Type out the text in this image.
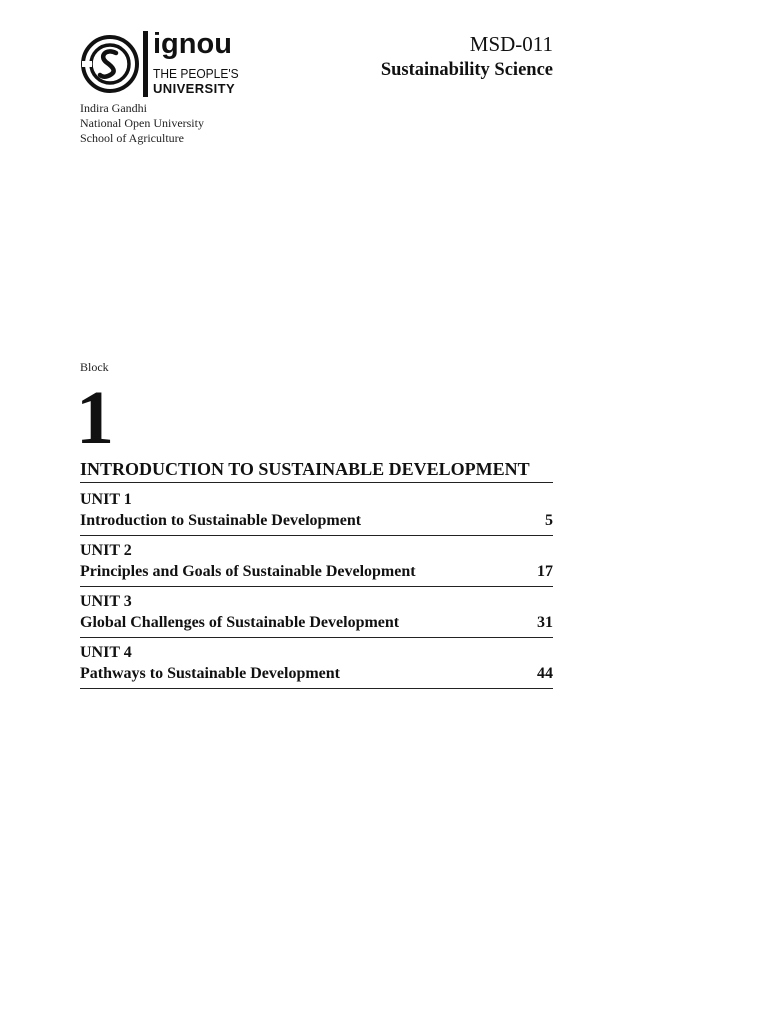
ignou
THE PEOPLE'S
UNIVERSITY
MSD-011
Sustainability Science
Indira Gandhi
National Open University
School of Agriculture
Block
1
INTRODUCTION TO SUSTAINABLE DEVELOPMENT
UNIT 1
Introduction to Sustainable Development	5
UNIT 2
Principles and Goals of Sustainable Development	17
UNIT 3
Global Challenges of Sustainable Development	31
UNIT 4
Pathways to Sustainable Development	44
